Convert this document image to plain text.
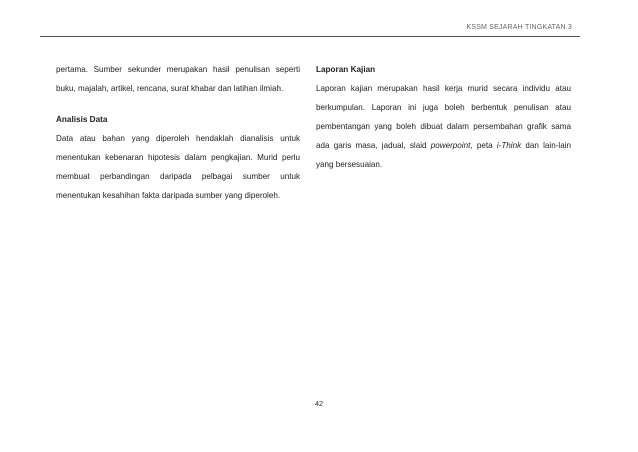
KSSM SEJARAH TINGKATAN 3

pertama. Sumber sekunder merupakan hasil penulisan seperti buku, majalah, artikel, rencana, surat khabar dan latihan ilmiah.

Analisis Data

Data atau bahan yang diperoleh hendaklah dianalisis untuk menentukan kebenaran hipotesis dalam pengkajian. Murid perlu membuat perbandingan daripada pelbagai sumber untuk menentukan kesahihan fakta daripada sumber yang diperoleh.

Laporan Kajian

Laporan kajian merupakan hasil kerja murid secara individu atau berkumpulan. Laporan ini juga boleh berbentuk penulisan atau pembentangan yang boleh dibuat dalam persembahan grafik sama ada garis masa, jadual, slaid powerpoint, peta i-Think dan lain-lain yang bersesuaian.

42
